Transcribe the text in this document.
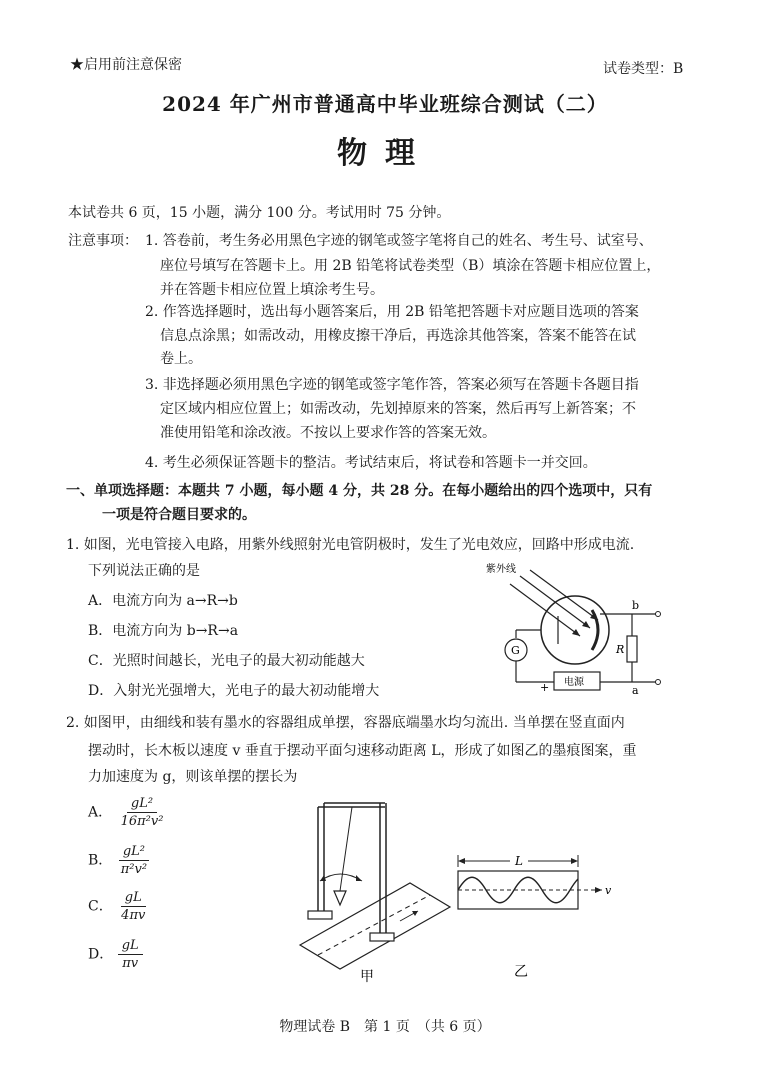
★启用前注意保密	试卷类型：B
2024 年广州市普通高中毕业班综合测试（二）
物理
本试卷共 6 页，15 小题，满分 100 分。考试用时 75 分钟。
注意事项： 1. 答卷前，考生务必用黑色字迹的钢笔或签字笔将自己的姓名、考生号、试室号、
座位号填写在答题卡上。用 2B 铅笔将试卷类型（B）填涂在答题卡相应位置上，
并在答题卡相应位置上填涂考生号。
2. 作答选择题时，选出每小题答案后，用 2B 铅笔把答题卡对应题目选项的答案
信息点涂黑；如需改动，用橡皮擦干净后，再选涂其他答案，答案不能答在试
卷上。
3. 非选择题必须用黑色字迹的钢笔或签字笔作答，答案必须写在答题卡各题目指
定区域内相应位置上；如需改动，先划掉原来的答案，然后再写上新答案；不
准使用铅笔和涂改液。不按以上要求作答的答案无效。
4. 考生必须保证答题卡的整洁。考试结束后，将试卷和答题卡一并交回。
一、单项选择题：本题共 7 小题，每小题 4 分，共 28 分。在每小题给出的四个选项中，只有
一项是符合题目要求的。
1. 如图，光电管接入电路，用紫外线照射光电管阴极时，发生了光电效应，回路中形成电流.
下列说法正确的是
A．电流方向为 a→R→b
B．电流方向为 b→R→a
C．光照时间越长，光电子的最大初动能越大
D．入射光光强增大，光电子的最大初动能增大
紫外线
b
R
a
电源
+
G
2. 如图甲，由细线和装有墨水的容器组成单摆，容器底端墨水均匀流出. 当单摆在竖直面内
摆动时，长木板以速度 v 垂直于摆动平面匀速移动距离 L，形成了如图乙的墨痕图案，重
力加速度为 g，则该单摆的摆长为
A． $\frac{\text{gL²}}{\text{16π²v²}}$
B． $\frac{\text{gL²}}{\text{π²v²}}$
C． $\frac{gL}{4\pi v}$
D． $\frac{gL}{\pi v}$
甲
L
v
乙
物理试卷 B　第 1 页　（共 6 页）
